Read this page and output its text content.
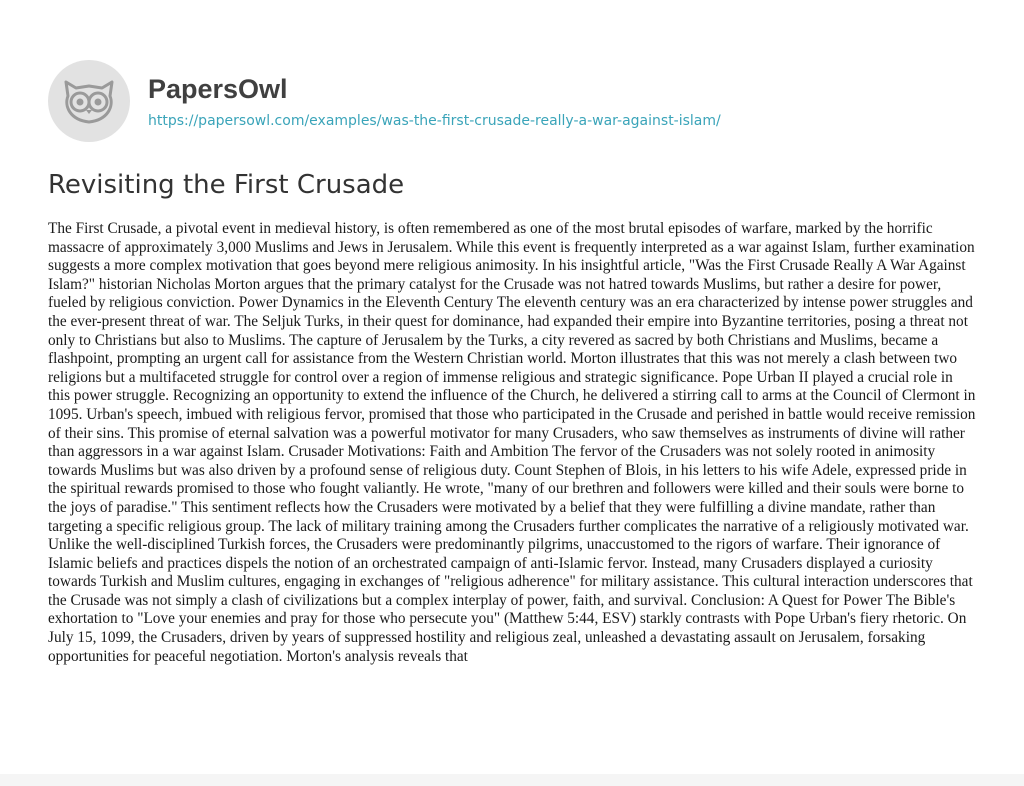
PapersOwl
https://papersowl.com/examples/was-the-first-crusade-really-a-war-against-islam/
Revisiting the First Crusade

The First Crusade, a pivotal event in medieval history, is often remembered as one of the most brutal episodes of warfare, marked by the horrific massacre of approximately 3,000 Muslims and Jews in Jerusalem. While this event is frequently interpreted as a war against Islam, further examination suggests a more complex motivation that goes beyond mere religious animosity. In his insightful article, "Was the First Crusade Really A War Against Islam?" historian Nicholas Morton argues that the primary catalyst for the Crusade was not hatred towards Muslims, but rather a desire for power, fueled by religious conviction. Power Dynamics in the Eleventh Century The eleventh century was an era characterized by intense power struggles and the ever-present threat of war. The Seljuk Turks, in their quest for dominance, had expanded their empire into Byzantine territories, posing a threat not only to Christians but also to Muslims. The capture of Jerusalem by the Turks, a city revered as sacred by both Christians and Muslims, became a flashpoint, prompting an urgent call for assistance from the Western Christian world. Morton illustrates that this was not merely a clash between two religions but a multifaceted struggle for control over a region of immense religious and strategic significance. Pope Urban II played a crucial role in this power struggle. Recognizing an opportunity to extend the influence of the Church, he delivered a stirring call to arms at the Council of Clermont in 1095. Urban's speech, imbued with religious fervor, promised that those who participated in the Crusade and perished in battle would receive remission of their sins. This promise of eternal salvation was a powerful motivator for many Crusaders, who saw themselves as instruments of divine will rather than aggressors in a war against Islam. Crusader Motivations: Faith and Ambition The fervor of the Crusaders was not solely rooted in animosity towards Muslims but was also driven by a profound sense of religious duty. Count Stephen of Blois, in his letters to his wife Adele, expressed pride in the spiritual rewards promised to those who fought valiantly. He wrote, "many of our brethren and followers were killed and their souls were borne to the joys of paradise." This sentiment reflects how the Crusaders were motivated by a belief that they were fulfilling a divine mandate, rather than targeting a specific religious group. The lack of military training among the Crusaders further complicates the narrative of a religiously motivated war. Unlike the well-disciplined Turkish forces, the Crusaders were predominantly pilgrims, unaccustomed to the rigors of warfare. Their ignorance of Islamic beliefs and practices dispels the notion of an orchestrated campaign of anti-Islamic fervor. Instead, many Crusaders displayed a curiosity towards Turkish and Muslim cultures, engaging in exchanges of "religious adherence" for military assistance. This cultural interaction underscores that the Crusade was not simply a clash of civilizations but a complex interplay of power, faith, and survival. Conclusion: A Quest for Power The Bible's exhortation to "Love your enemies and pray for those who persecute you" (Matthew 5:44, ESV) starkly contrasts with Pope Urban's fiery rhetoric. On July 15, 1099, the Crusaders, driven by years of suppressed hostility and religious zeal, unleashed a devastating assault on Jerusalem, forsaking opportunities for peaceful negotiation. Morton's analysis reveals that
